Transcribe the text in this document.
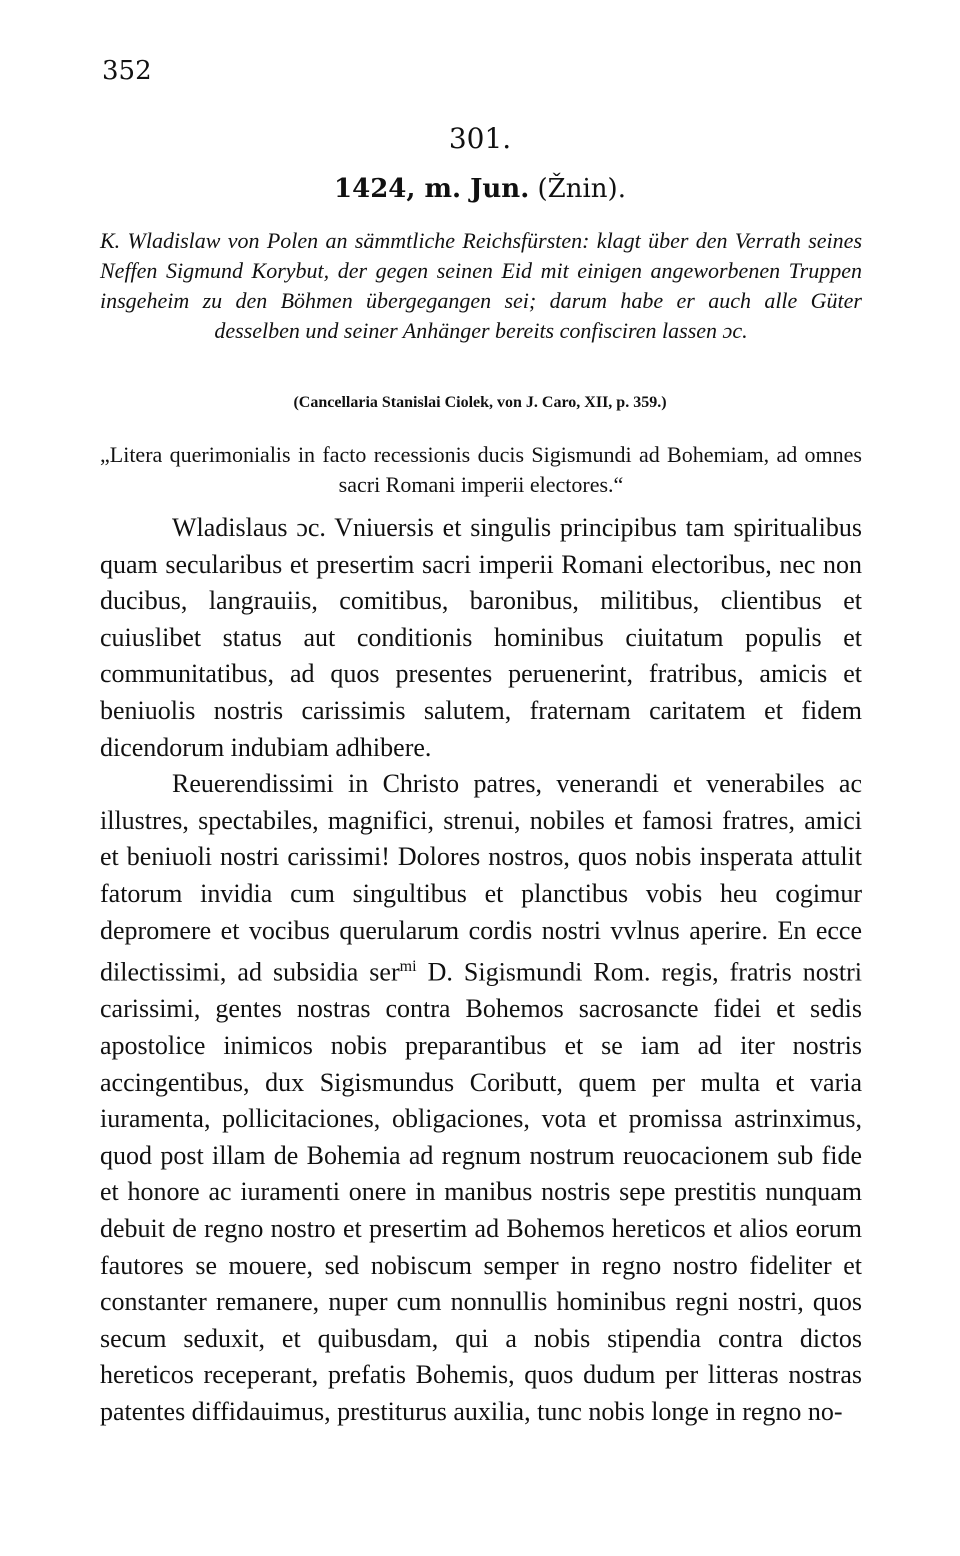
352
301.
1424, m. Jun. (Žnin).
K. Wladislaw von Polen an sämmtliche Reichsfürsten: klagt über den Verrath seines Neffen Sigmund Korybut, der gegen seinen Eid mit einigen angeworbenen Truppen insgeheim zu den Böhmen übergegangen sei; darum habe er auch alle Güter desselben und seiner Anhänger bereits confisciren lassen ɔc.
(Cancellaria Stanislai Ciolek, von J. Caro, XII, p. 359.)
„Litera querimonialis in facto recessionis ducis Sigismundi ad Bohemiam, ad omnes sacri Romani imperii electores.“

Wladislaus ɔc. Vniuersis et singulis principibus tam spiritualibus quam secularibus et presertim sacri imperii Romani electoribus, nec non ducibus, langrauiis, comitibus, baronibus, militibus, clientibus et cuiuslibet status aut conditionis hominibus ciuitatum populis et communitatibus, ad quos presentes peruenerint, fratribus, amicis et beniuolis nostris carissimis salutem, fraternam caritatem et fidem dicendorum indubiam adhibere.

Reuerendissimi in Christo patres, venerandi et venerabiles ac illustres, spectabiles, magnifici, strenui, nobiles et famosi fratres, amici et beniuoli nostri carissimi! Dolores nostros, quos nobis insperata attulit fatorum invidia cum singultibus et planctibus vobis heu cogimur depromere et vocibus querularum cordis nostri vvlnus aperire. En ecce dilectissimi, ad subsidia ser$^{mi}$ D. Sigismundi Rom. regis, fratris nostri carissimi, gentes nostras contra Bohemos sacrosancte fidei et sedis apostolice inimicos nobis preparantibus et se iam ad iter nostris accingentibus, dux Sigismundus Coributt, quem per multa et varia iuramenta, pollicitaciones, obligaciones, vota et promissa astrinximus, quod post illam de Bohemia ad regnum nostrum reuocacionem sub fide et honore ac iuramenti onere in manibus nostris sepe prestitis nunquam debuit de regno nostro et presertim ad Bohemos hereticos et alios eorum fautores se mouere, sed nobiscum semper in regno nostro fideliter et constanter remanere, nuper cum nonnullis hominibus regni nostri, quos secum seduxit, et quibusdam, qui a nobis stipendia contra dictos hereticos receperant, prefatis Bohemis, quos dudum per litteras nostras patentes diffidauimus, prestiturus auxilia, tunc nobis longe in regno no-
